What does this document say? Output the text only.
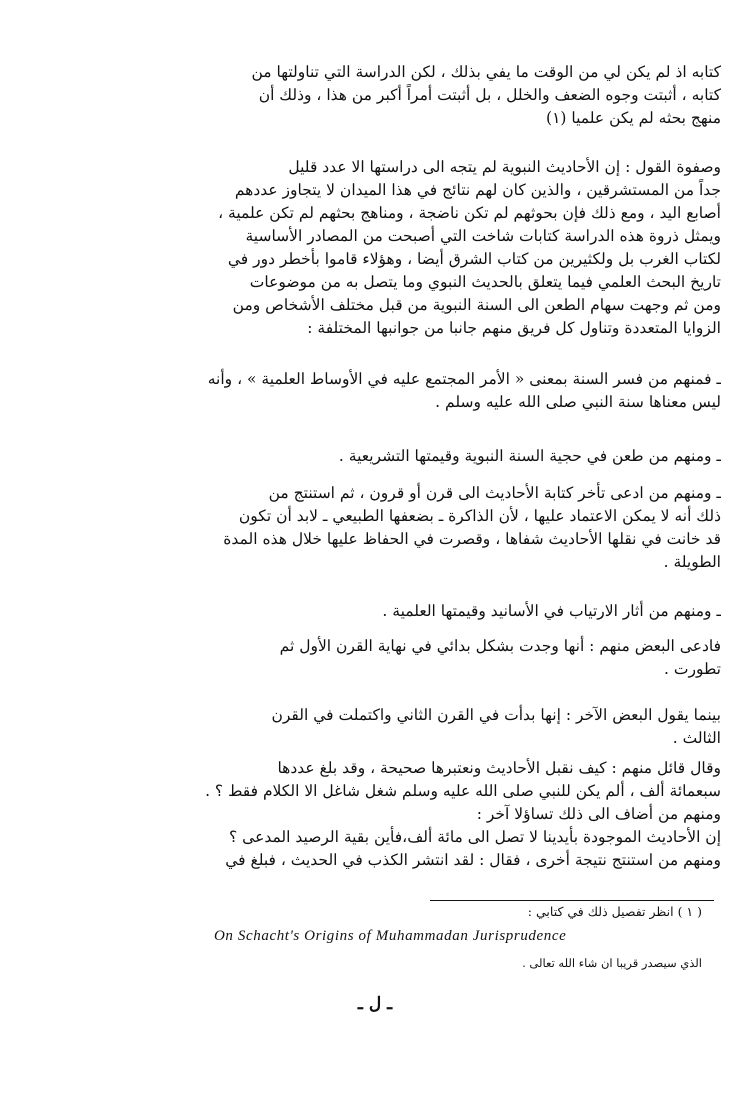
كتابه اذ لم يكن لي من الوقت ما يفي بذلك ، لكن الدراسة التي تناولتها من
كتابه ، أثبتت وجوه الضعف والخلل ، بل أثبتت أمراً أكبر من هذا ، وذلك أن
منهج بحثه لم يكن علميا (١)
وصفوة القول : إن الأحاديث النبوية لم يتجه الى دراستها الا عدد قليل
جداً من المستشرقين ، والذين كان لهم نتائج في هذا الميدان لا يتجاوز عددهم
أصابع اليد ، ومع ذلك فإن بحوثهم لم تكن ناضجة ، ومناهج بحثهم لم تكن علمية ،
ويمثل ذروة هذه الدراسة كتابات شاخت التي أصبحت من المصادر الأساسية
لكتاب الغرب بل ولكثيرين من كتاب الشرق أيضا ، وهؤلاء قاموا بأخطر دور في
تاريخ البحث العلمي فيما يتعلق بالحديث النبوي وما يتصل به من موضوعات
ومن ثم وجهت سهام الطعن الى السنة النبوية من قبل مختلف الأشخاص ومن
الزوايا المتعددة وتناول كل فريق منهم جانبا من جوانبها المختلفة :
ـ فمنهم من فسر السنة بمعنى « الأمر المجتمع عليه في الأوساط العلمية » ، وأنه
ليس معناها سنة النبي صلى الله عليه وسلم .
ـ ومنهم من طعن في حجية السنة النبوية وقيمتها التشريعية .
ـ ومنهم من ادعى تأخر كتابة الأحاديث الى قرن أو قرون ، ثم استنتج من
ذلك أنه لا يمكن الاعتماد عليها ، لأن الذاكرة ـ بضعفها الطبيعي ـ لابد أن تكون
قد خانت في نقلها الأحاديث شفاها ، وقصرت في الحفاظ عليها خلال هذه المدة
الطويلة .
ـ ومنهم من أثار الارتياب في الأسانيد وقيمتها العلمية .
فادعى البعض منهم : أنها وجدت بشكل بدائي في نهاية القرن الأول ثم
تطورت .
بينما يقول البعض الآخر : إنها بدأت في القرن الثاني واكتملت في القرن
الثالث .
وقال قائل منهم : كيف نقبل الأحاديث ونعتبرها صحيحة ، وقد بلغ عددها
سبعمائة ألف ، ألم يكن للنبي صلى الله عليه وسلم شغل شاغل الا الكلام فقط ؟ .
ومنهم من أضاف الى ذلك تساؤلا آخر :
إن الأحاديث الموجودة بأيدينا لا تصل الى مائة ألف،فأين بقية الرصيد المدعى ؟
ومنهم من استنتج نتيجة أخرى ، فقال : لقد انتشر الكذب في الحديث ، فبلغ في
( ١ ) انظر تفصيل ذلك في كتابي :
On Schacht's Origins of Muhammadan Jurisprudence
الذي سيصدر قريبا ان شاء الله تعالى .
ـ ل ـ
